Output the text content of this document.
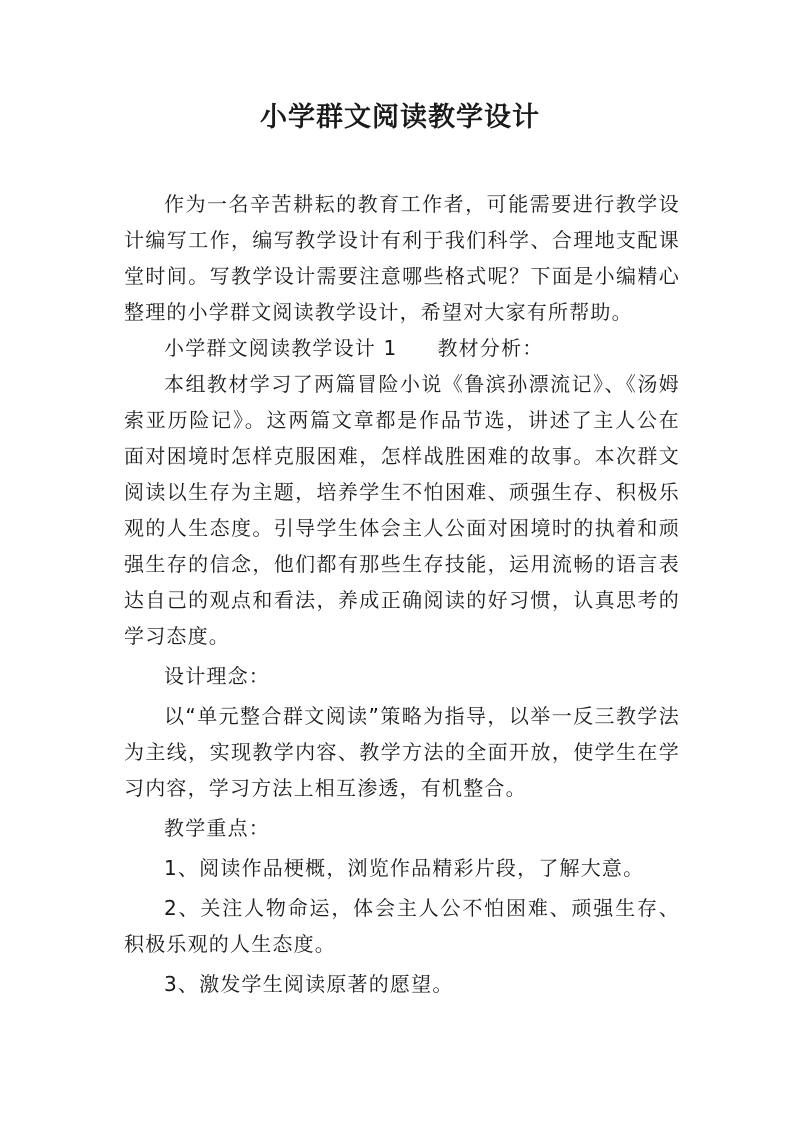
小学群文阅读教学设计

作为一名辛苦耕耘的教育工作者，可能需要进行教学设计编写工作，编写教学设计有利于我们科学、合理地支配课堂时间。写教学设计需要注意哪些格式呢？下面是小编精心整理的小学群文阅读教学设计，希望对大家有所帮助。

小学群文阅读教学设计 1 教材分析：

本组教材学习了两篇冒险小说《鲁滨孙漂流记》、《汤姆索亚历险记》。这两篇文章都是作品节选，讲述了主人公在面对困境时怎样克服困难，怎样战胜困难的故事。本次群文阅读以生存为主题，培养学生不怕困难、顽强生存、积极乐观的人生态度。引导学生体会主人公面对困境时的执着和顽强生存的信念，他们都有那些生存技能，运用流畅的语言表达自己的观点和看法，养成正确阅读的好习惯，认真思考的学习态度。

设计理念：

以“单元整合群文阅读”策略为指导，以举一反三教学法为主线，实现教学内容、教学方法的全面开放，使学生在学习内容，学习方法上相互渗透，有机整合。

教学重点：

1、阅读作品梗概，浏览作品精彩片段，了解大意。

2、关注人物命运，体会主人公不怕困难、顽强生存、积极乐观的人生态度。

3、激发学生阅读原著的愿望。
